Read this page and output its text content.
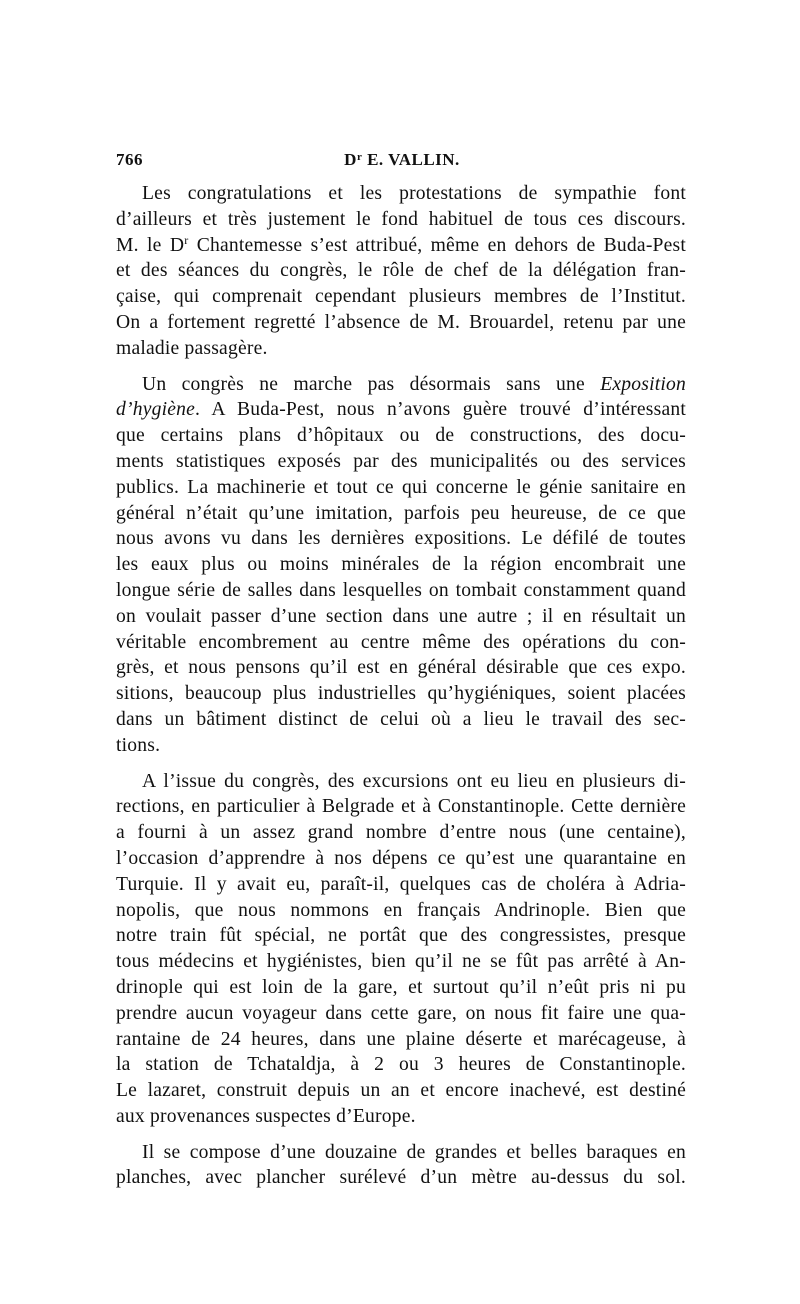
766	$D^r$ E. VALLIN.
Les congratulations et les protestations de sympathie font
d’ailleurs et très justement le fond habituel de tous ces discours.
M. le $D^r$ Chantemesse s’est attribué, même en dehors de Buda-Pest
et des séances du congrès, le rôle de chef de la délégation fran-
çaise, qui comprenait cependant plusieurs membres de l’Institut.
On a fortement regretté l’absence de M. Brouardel, retenu par une
maladie passagère.
Un congrès ne marche pas désormais sans une Exposition
d’hygiène. A Buda-Pest, nous n’avons guère trouvé d’intéressant
que certains plans d’hôpitaux ou de constructions, des docu-
ments statistiques exposés par des municipalités ou des services
publics. La machinerie et tout ce qui concerne le génie sanitaire en
général n’était qu’une imitation, parfois peu heureuse, de ce que
nous avons vu dans les dernières expositions. Le défilé de toutes
les eaux plus ou moins minérales de la région encombrait une
longue série de salles dans lesquelles on tombait constamment quand
on voulait passer d’une section dans une autre ; il en résultait un
véritable encombrement au centre même des opérations du con-
grès, et nous pensons qu’il est en général désirable que ces expo.
sitions, beaucoup plus industrielles qu’hygiéniques, soient placées
dans un bâtiment distinct de celui où a lieu le travail des sec-
tions.
A l’issue du congrès, des excursions ont eu lieu en plusieurs di-
rections, en particulier à Belgrade et à Constantinople. Cette dernière
a fourni à un assez grand nombre d’entre nous (une centaine),
l’occasion d’apprendre à nos dépens ce qu’est une quarantaine en
Turquie. Il y avait eu, paraît-il, quelques cas de choléra à Adria-
nopolis, que nous nommons en français Andrinople. Bien que
notre train fût spécial, ne portât que des congressistes, presque
tous médecins et hygiénistes, bien qu’il ne se fût pas arrêté à An-
drinople qui est loin de la gare, et surtout qu’il n’eût pris ni pu
prendre aucun voyageur dans cette gare, on nous fit faire une qua-
rantaine de 24 heures, dans une plaine déserte et marécageuse, à
la station de Tchataldja, à 2 ou 3 heures de Constantinople.
Le lazaret, construit depuis un an et encore inachevé, est destiné
aux provenances suspectes d’Europe.
Il se compose d’une douzaine de grandes et belles baraques en
planches, avec plancher surélevé d’un mètre au-dessus du sol.
